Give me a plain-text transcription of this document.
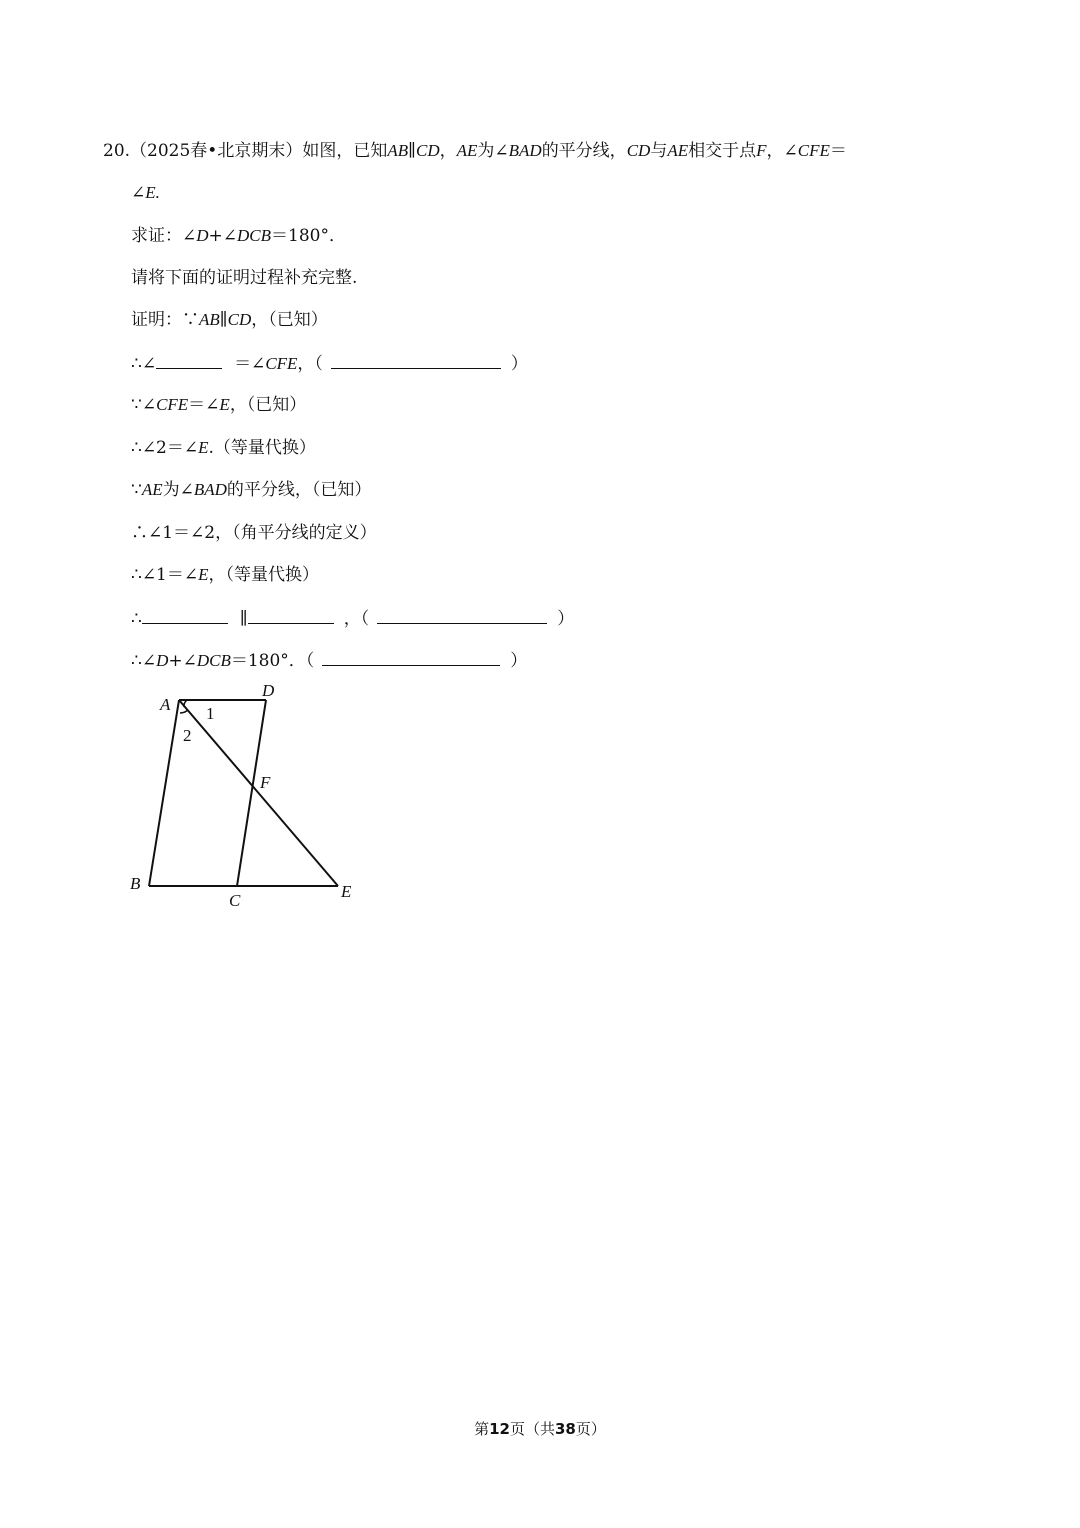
20.（2025春•北京期末）如图，已知AB∥CD，AE为∠BAD的平分线，CD与AE相交于点F，∠CFE＝
∠E.
求证：∠D+∠DCB＝180°．
请将下面的证明过程补充完整.
证明：∵AB∥CD，（已知）
∴∠	＝∠CFE，（	）
∵∠CFE＝∠E，（已知）
∴∠2＝∠E.（等量代换）
∵AE为∠BAD的平分线，（已知）
∴∠1＝∠2，（角平分线的定义）
∴∠1＝∠E，（等量代换）
∴	∥	，（	）
∴∠D+∠DCB＝180°．（	）
A
D
B
C	E
F
1
2
第12页（共38页）
